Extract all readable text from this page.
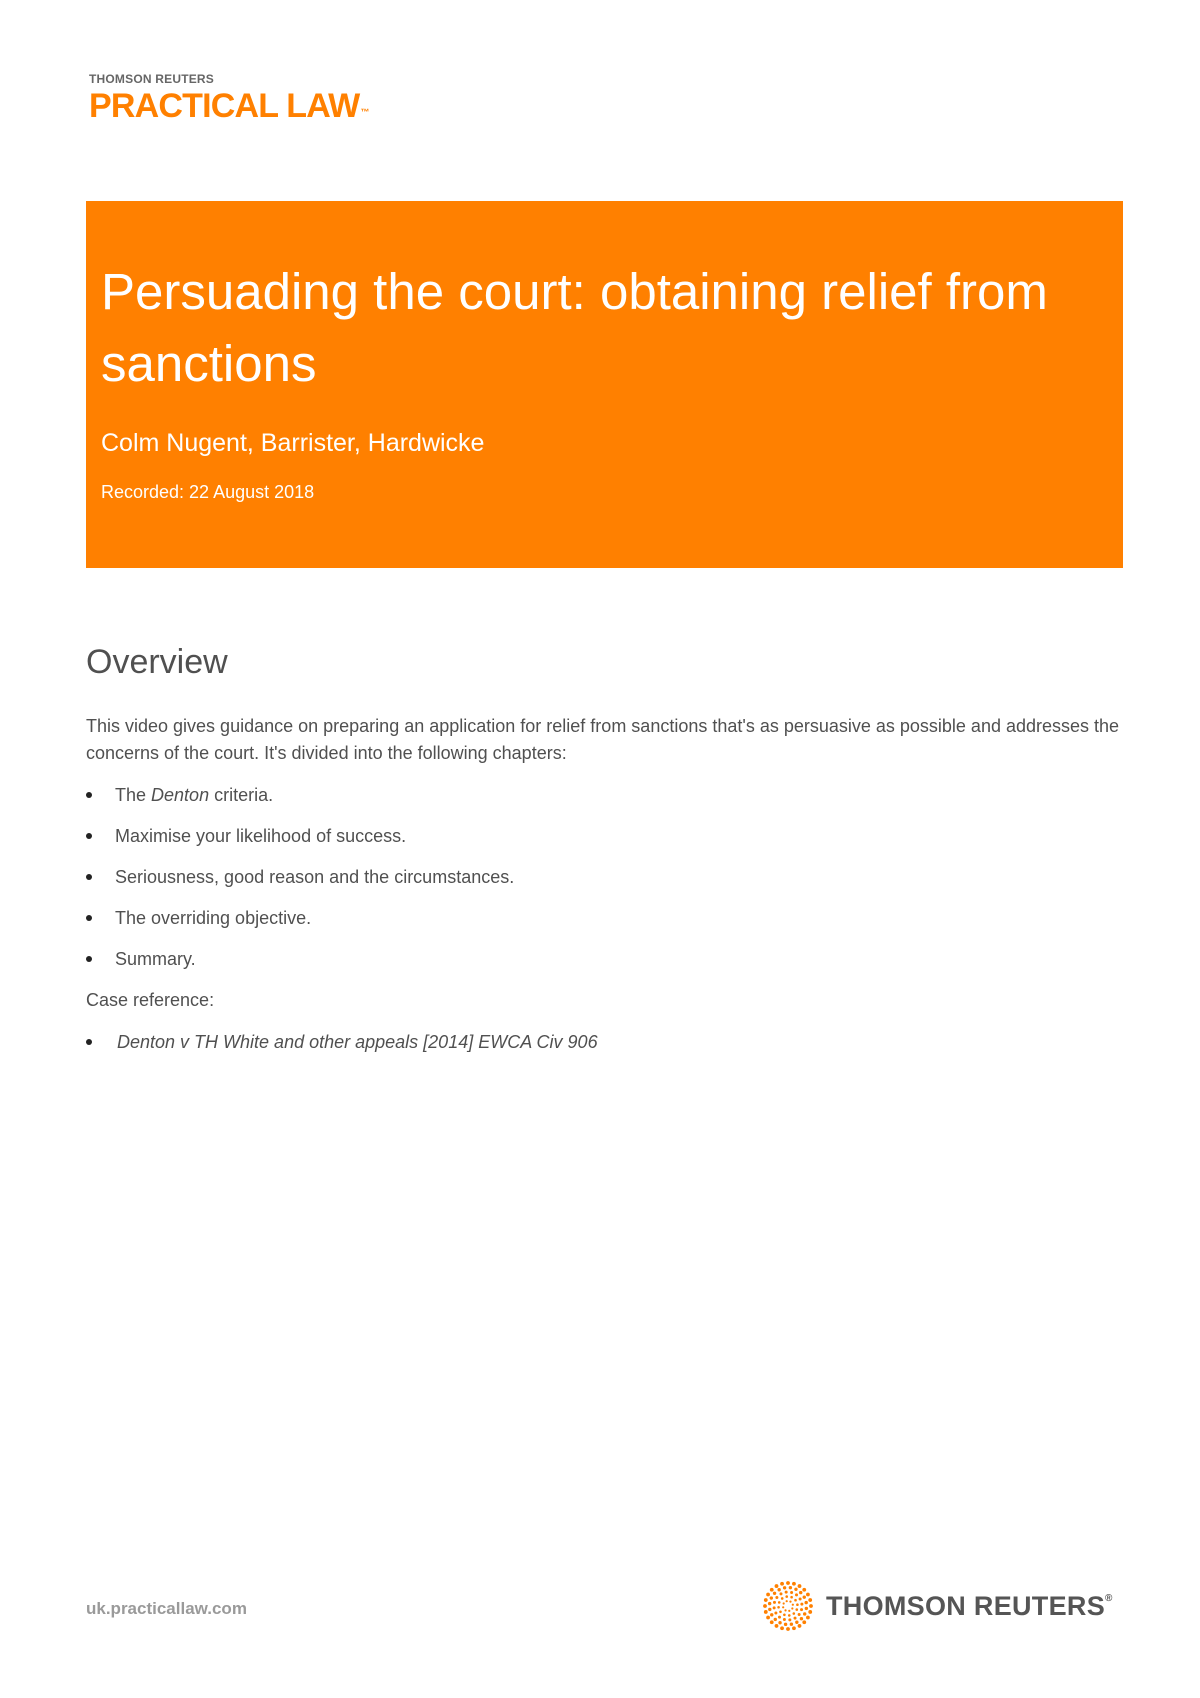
THOMSON REUTERS
PRACTICAL LAW™
Persuading the court: obtaining relief from sanctions
Colm Nugent, Barrister, Hardwicke
Recorded: 22 August 2018
Overview

This video gives guidance on preparing an application for relief from sanctions that's as persuasive as possible and addresses the concerns of the court. It's divided into the following chapters:

The Denton criteria.
Maximise your likelihood of success.
Seriousness, good reason and the circumstances.
The overriding objective.
Summary.

Case reference:

Denton v TH White and other appeals [2014] EWCA Civ 906
uk.practicallaw.com	THOMSON REUTERS®
